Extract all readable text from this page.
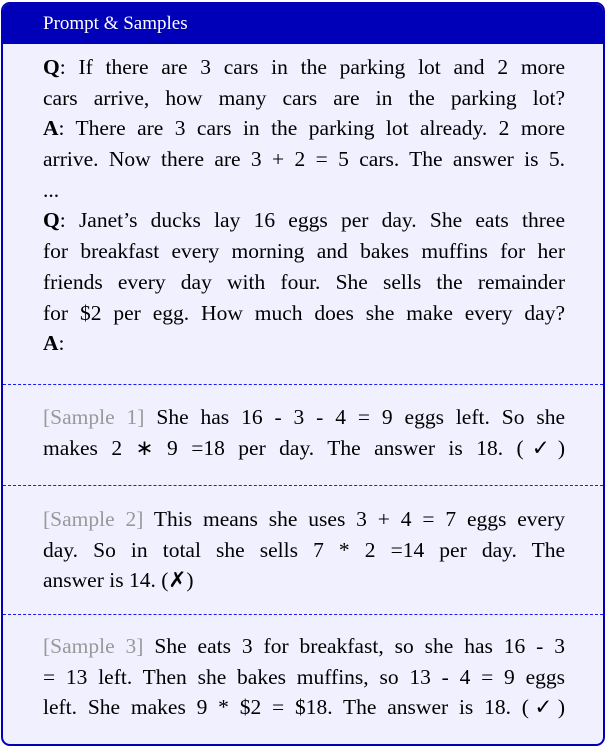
Prompt & Samples
Q: If there are 3 cars in the parking lot and 2 more
cars arrive, how many cars are in the parking lot?
A: There are 3 cars in the parking lot already. 2 more
arrive. Now there are 3 + 2 = 5 cars. The answer is 5.
...
Q: Janet’s ducks lay 16 eggs per day. She eats three
for breakfast every morning and bakes muffins for her
friends every day with four. She sells the remainder
for $2 per egg. How much does she make every day?
A:
[Sample 1] She has 16 - 3 - 4 = 9 eggs left. So she
makes 2 ∗ 9 =18 per day. The answer is 18. (✓)
[Sample 2] This means she uses 3 + 4 = 7 eggs every
day. So in total she sells 7 * 2 =14 per day. The
answer is 14. (✗)
[Sample 3] She eats 3 for breakfast, so she has 16 - 3
= 13 left. Then she bakes muffins, so 13 - 4 = 9 eggs
left. She makes 9 * $2 = $18. The answer is 18. (✓)
